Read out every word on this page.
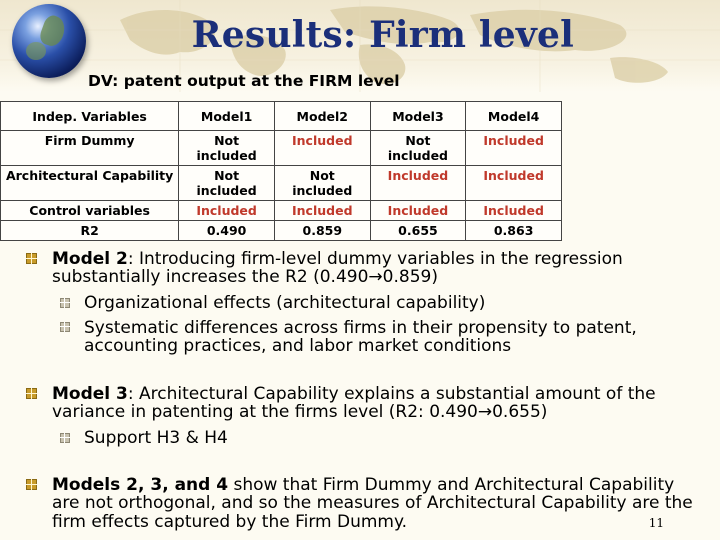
Results: Firm level
DV: patent output at the FIRM level
Model 2: Introducing firm-level dummy variables in the regression
substantially increases the R2 (0.490→0.859)
Organizational effects (architectural capability)
Systematic differences across firms in their propensity to patent,
accounting practices, and labor market conditions
Model 3: Architectural Capability explains a substantial amount of the
variance in patenting at the firms level (R2: 0.490→0.655)
Support H3 & H4
Models 2, 3, and 4 show that Firm Dummy and Architectural Capability
are not orthogonal, and so the measures of Architectural Capability are the
firm effects captured by the Firm Dummy.
Indep. Variables	Model1	Model2	Model3	Model4
Firm Dummy	Not included	Included	Not included	Included
Architectural Capability	Not included	Not included	Included	Included
Control variables	Included	Included	Included	Included
R2	0.490	0.859	0.655	0.863
11
